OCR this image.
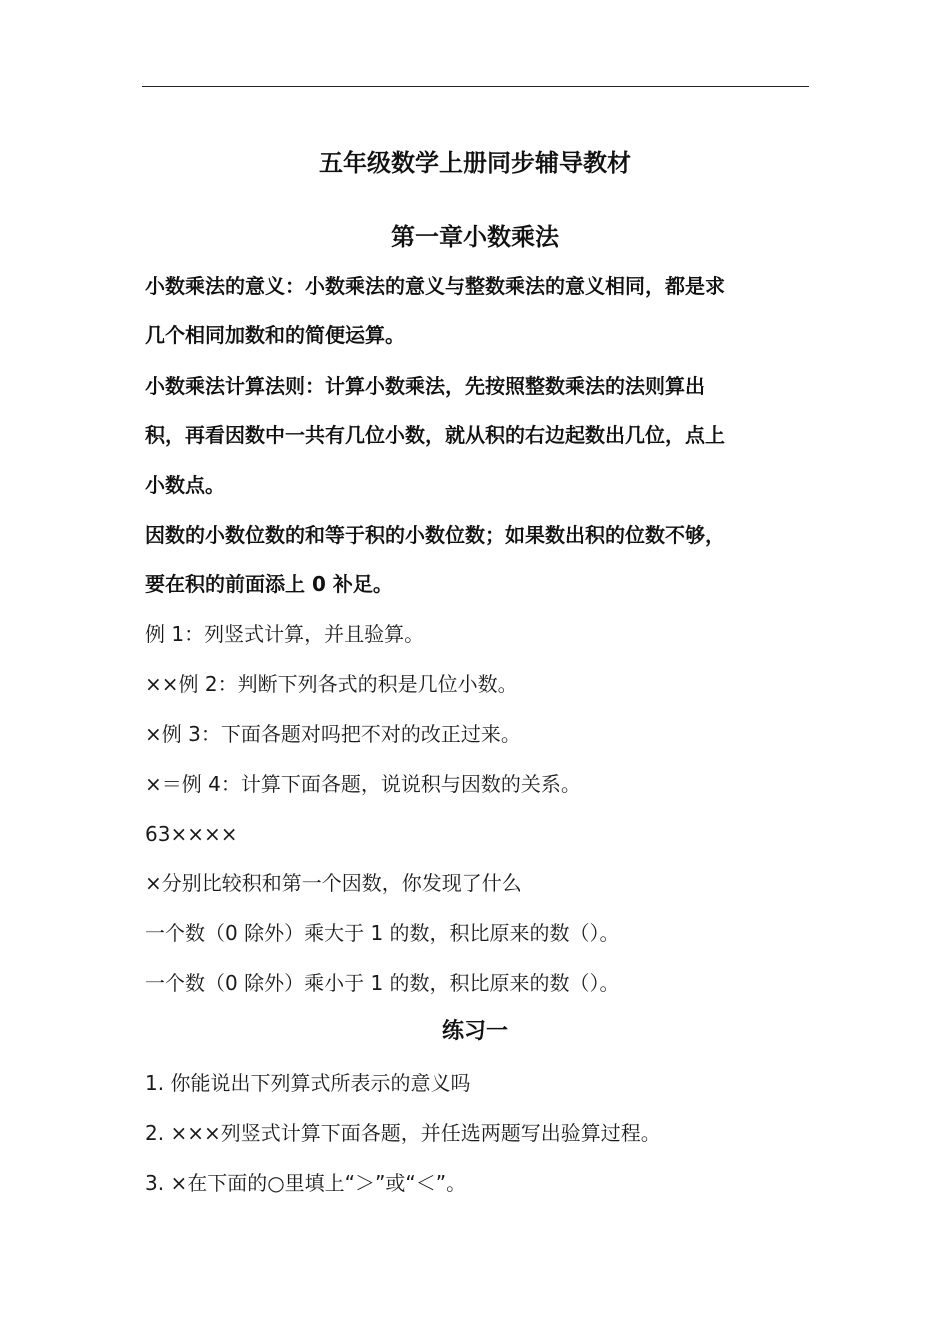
五年级数学上册同步辅导教材
第一章小数乘法
小数乘法的意义：小数乘法的意义与整数乘法的意义相同，都是求
几个相同加数和的简便运算。
小数乘法计算法则：计算小数乘法，先按照整数乘法的法则算出
积，再看因数中一共有几位小数，就从积的右边起数出几位，点上
小数点。
因数的小数位数的和等于积的小数位数；如果数出积的位数不够，
要在积的前面添上 0 补足。
例 1：列竖式计算，并且验算。
××例 2：判断下列各式的积是几位小数。
×例 3：下面各题对吗把不对的改正过来。
×＝例 4：计算下面各题，说说积与因数的关系。
63××××
×分别比较积和第一个因数，你发现了什么
一个数（0 除外）乘大于 1 的数，积比原来的数（）。
一个数（0 除外）乘小于 1 的数，积比原来的数（）。
练习一
1. 你能说出下列算式所表示的意义吗
2. ×××列竖式计算下面各题，并任选两题写出验算过程。
3. ×在下面的○里填上“＞”或“＜”。
